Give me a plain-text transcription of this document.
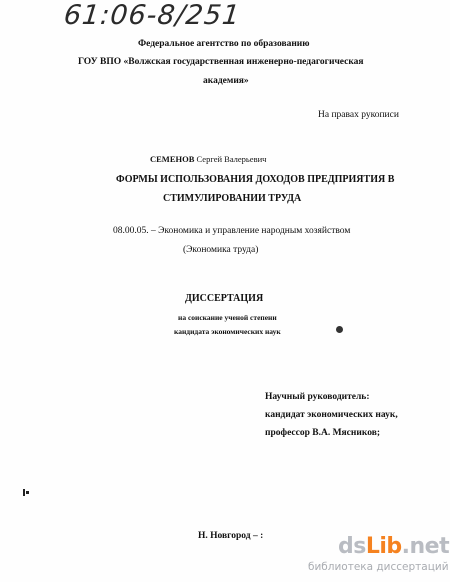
61:06-8/251
Федеральное агентство по образованию
ГОУ ВПО «Волжская государственная инженерно-педагогическая
академия»
На правах рукописи
СЕМЕНОВ Сергей Валерьевич
ФОРМЫ ИСПОЛЬЗОВАНИЯ ДОХОДОВ ПРЕДПРИЯТИЯ В
СТИМУЛИРОВАНИИ ТРУДА
08.00.05. – Экономика и управление народным хозяйством
(Экономика труда)
ДИССЕРТАЦИЯ
на соискание ученой степени
кандидата экономических наук
Научный руководитель:
кандидат экономических наук,
профессор В.А. Мясников;
Н. Новгород – :	dsLib.net
библиотека диссертаций
